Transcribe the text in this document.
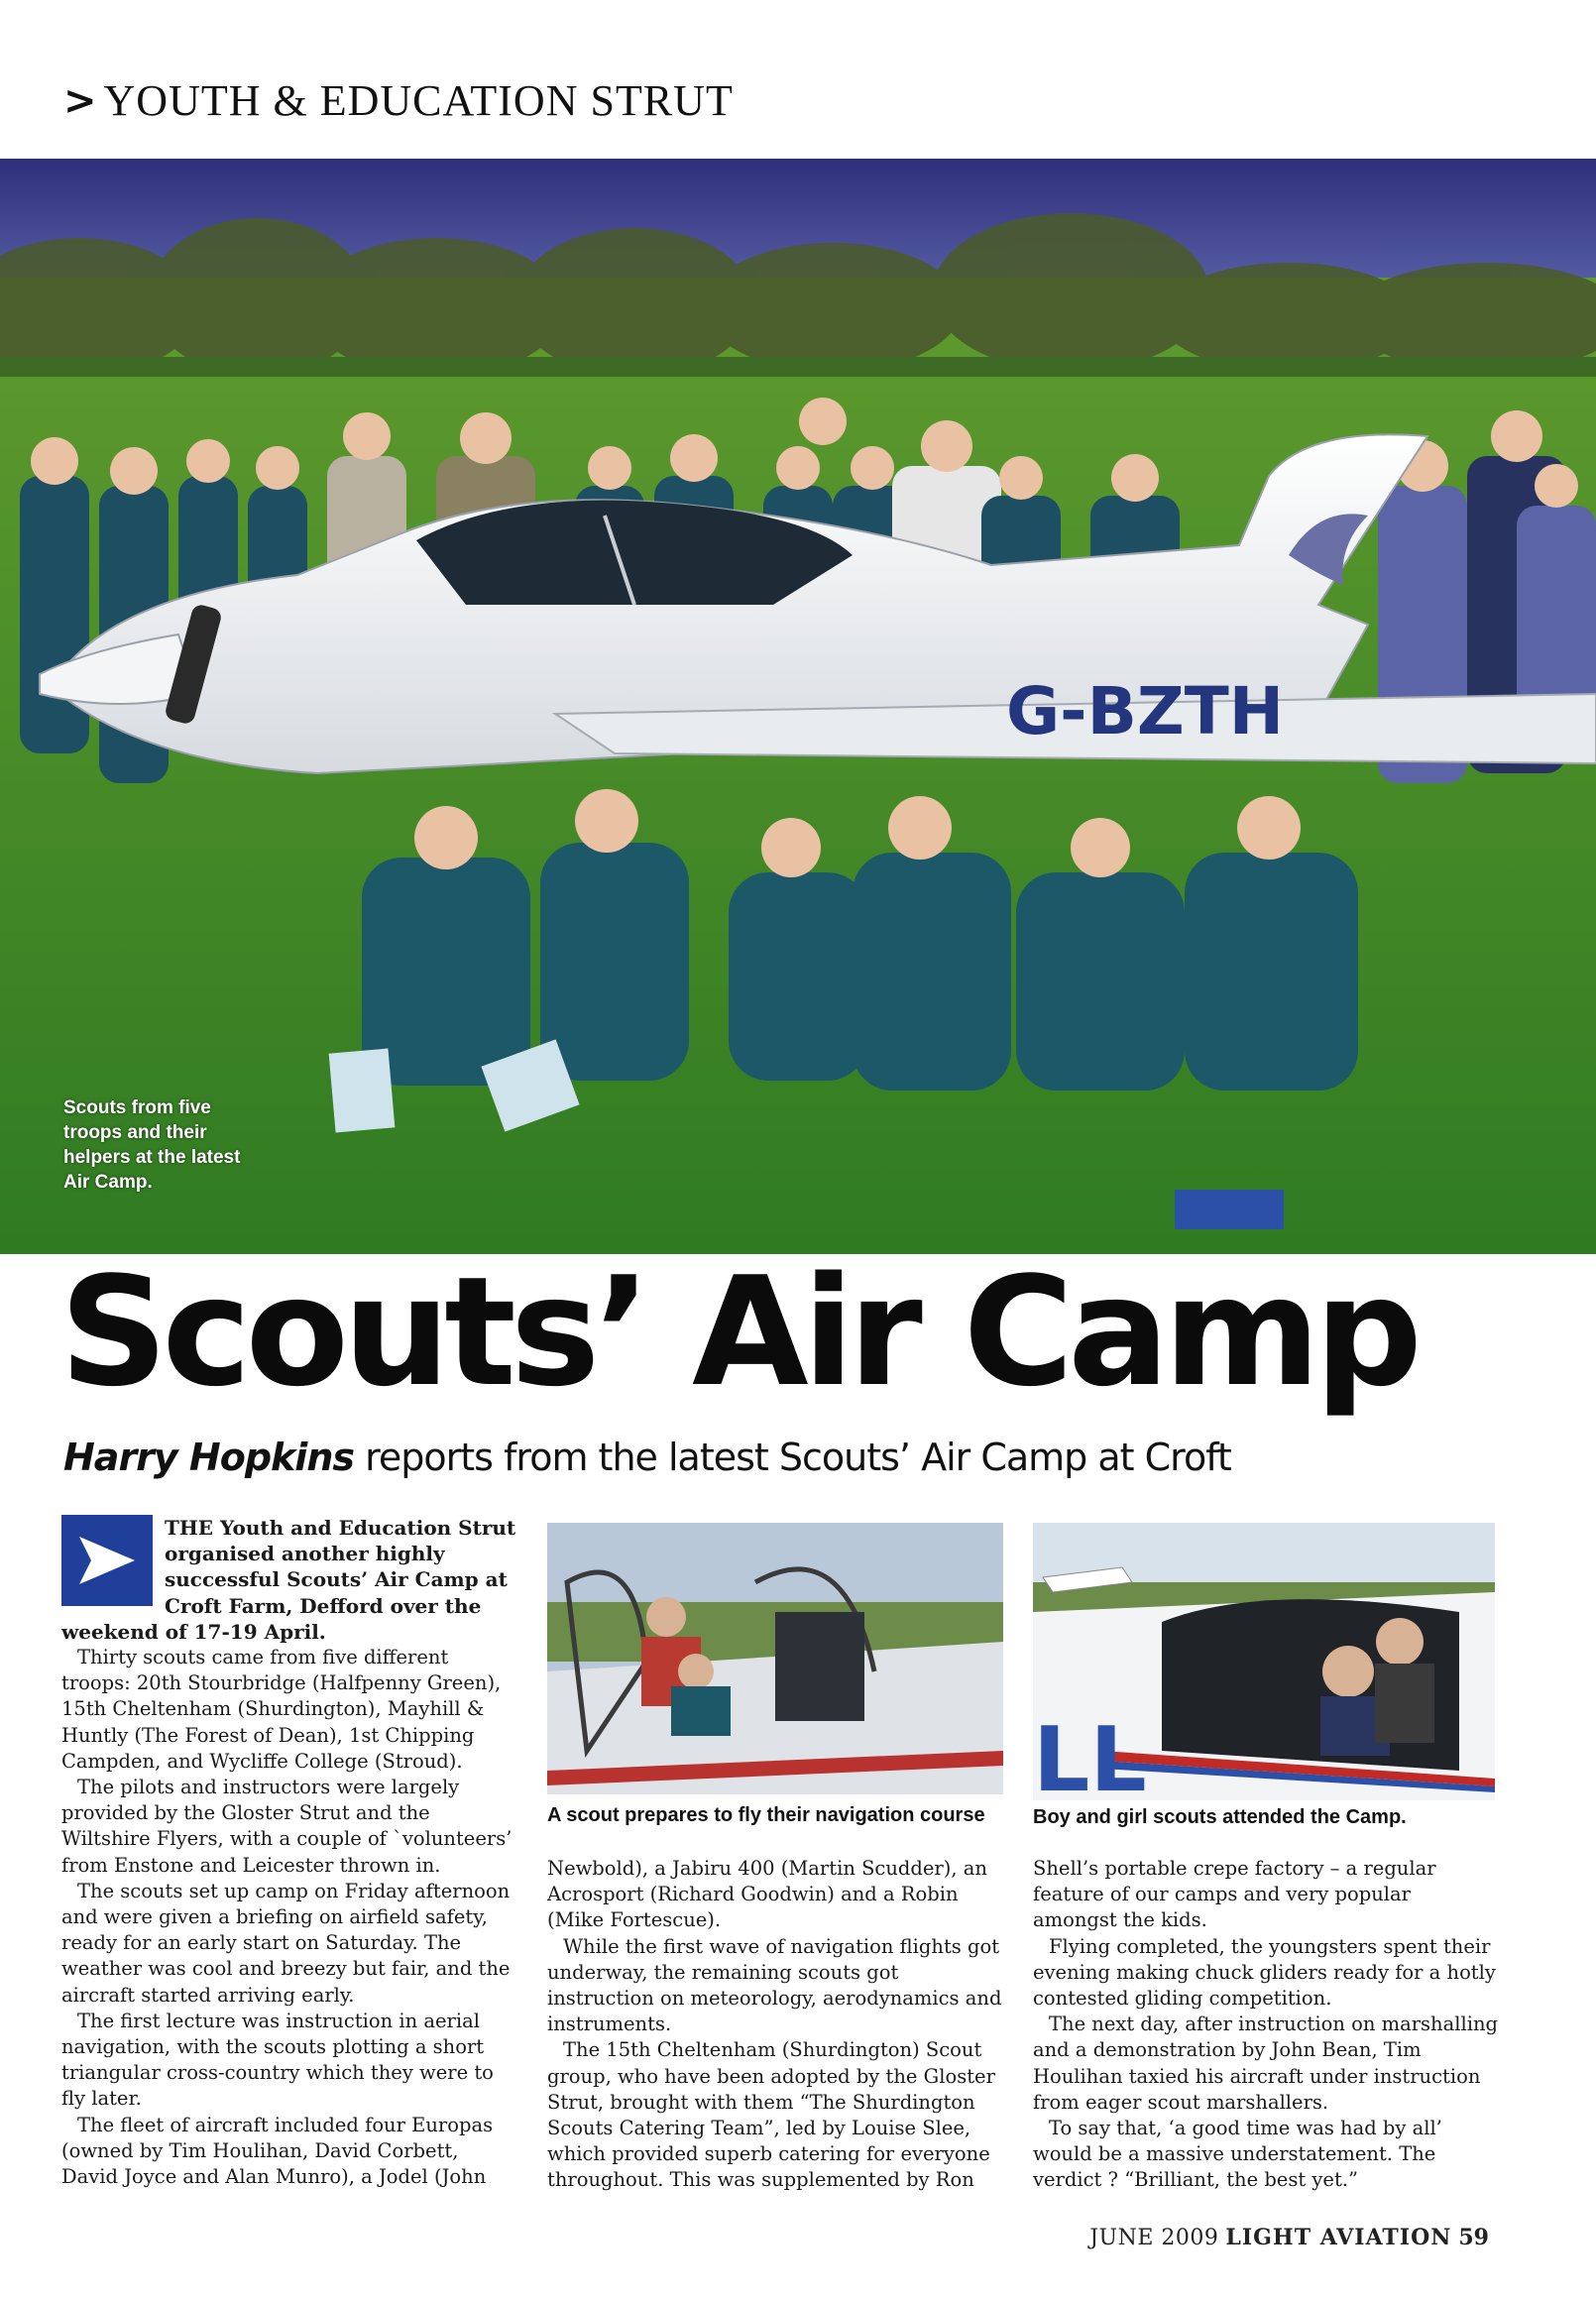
> YOUTH & EDUCATION STRUT
G-BZTH
Scouts from five troops and their helpers at the latest Air Camp.
Scouts’ Air Camp
Harry Hopkins reports from the latest Scouts’ Air Camp at Croft

THE Youth and Education Strut organised another highly successful Scouts’ Air Camp at Croft Farm, Defford over the weekend of 17-19 April.

Thirty scouts came from five different troops: 20th Stourbridge (Halfpenny Green), 15th Cheltenham (Shurdington), Mayhill & Huntly (The Forest of Dean), 1st Chipping Campden, and Wycliffe College (Stroud).

The pilots and instructors were largely provided by the Gloster Strut and the Wiltshire Flyers, with a couple of `volunteers’ from Enstone and Leicester thrown in.

The scouts set up camp on Friday afternoon and were given a briefing on airfield safety, ready for an early start on Saturday. The weather was cool and breezy but fair, and the aircraft started arriving early.

The first lecture was instruction in aerial navigation, with the scouts plotting a short triangular cross-country which they were to fly later.

The fleet of aircraft included four Europas (owned by Tim Houlihan, David Corbett, David Joyce and Alan Munro), a Jodel (John

A scout prepares to fly their navigation course
LL
Boy and girl scouts attended the Camp.

Newbold), a Jabiru 400 (Martin Scudder), an Acrosport (Richard Goodwin) and a Robin (Mike Fortescue).

While the first wave of navigation flights got underway, the remaining scouts got instruction on meteorology, aerodynamics and instruments.

The 15th Cheltenham (Shurdington) Scout group, who have been adopted by the Gloster Strut, brought with them “The Shurdington Scouts Catering Team”, led by Louise Slee, which provided superb catering for everyone throughout. This was supplemented by Ron

Shell’s portable crepe factory – a regular feature of our camps and very popular amongst the kids.

Flying completed, the youngsters spent their evening making chuck gliders ready for a hotly contested gliding competition.

The next day, after instruction on marshalling and a demonstration by John Bean, Tim Houlihan taxied his aircraft under instruction from eager scout marshallers.

To say that, ‘a good time was had by all’ would be a massive understatement. The verdict ? “Brilliant, the best yet.”

JUNE 2009 LIGHT AVIATION 59
